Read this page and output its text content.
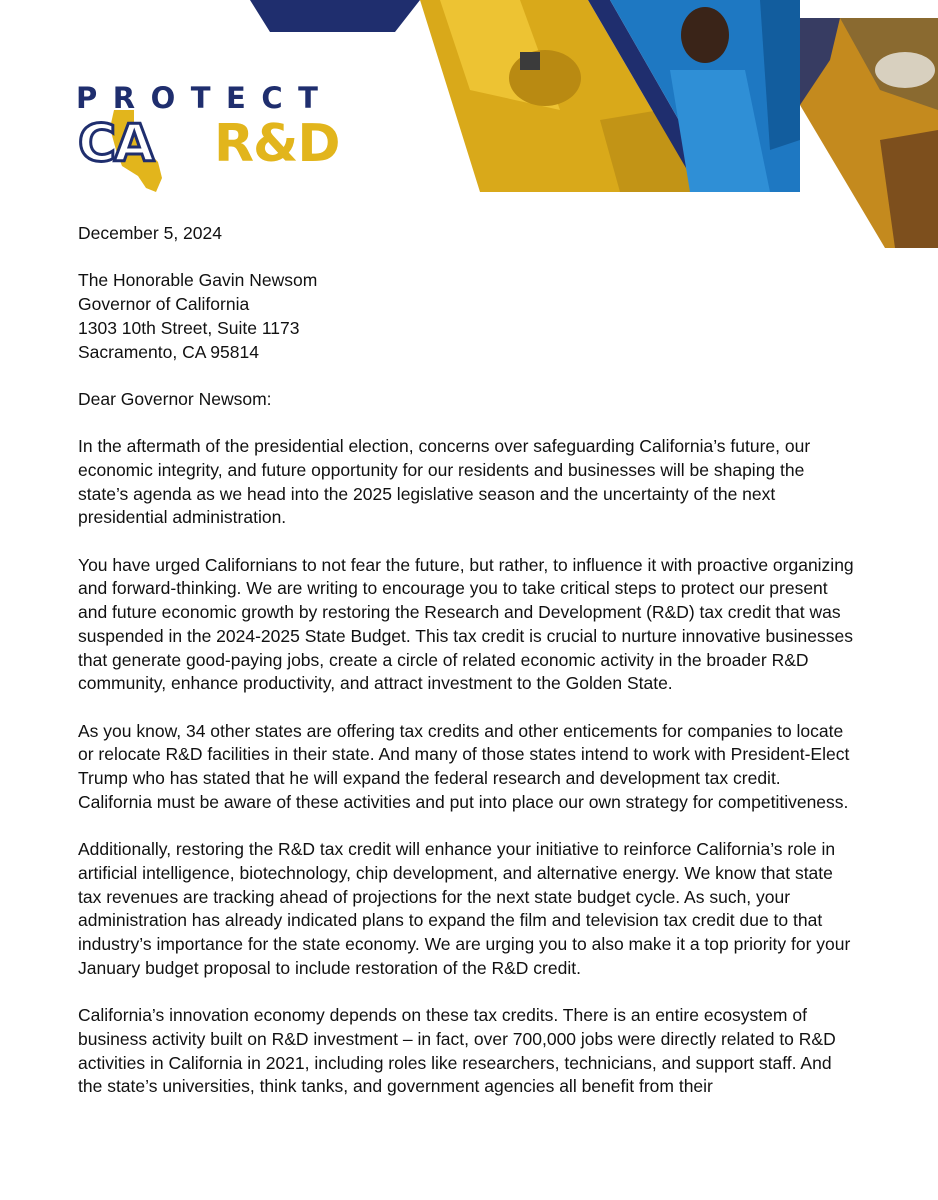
PROTECT

CA R&D

December 5, 2024

The Honorable Gavin Newsom
Governor of California
1303 10th Street, Suite 1173
Sacramento, CA 95814

Dear Governor Newsom:

In the aftermath of the presidential election, concerns over safeguarding California’s future, our economic integrity, and future opportunity for our residents and businesses will be shaping the state’s agenda as we head into the 2025 legislative season and the uncertainty of the next presidential administration.

You have urged Californians to not fear the future, but rather, to influence it with proactive organizing and forward-thinking. We are writing to encourage you to take critical steps to protect our present and future economic growth by restoring the Research and Development (R&D) tax credit that was suspended in the 2024-2025 State Budget. This tax credit is crucial to nurture innovative businesses that generate good-paying jobs, create a circle of related economic activity in the broader R&D community, enhance productivity, and attract investment to the Golden State.

As you know, 34 other states are offering tax credits and other enticements for companies to locate or relocate R&D facilities in their state. And many of those states intend to work with President-Elect Trump who has stated that he will expand the federal research and development tax credit. California must be aware of these activities and put into place our own strategy for competitiveness.

Additionally, restoring the R&D tax credit will enhance your initiative to reinforce California’s role in artificial intelligence, biotechnology, chip development, and alternative energy. We know that state tax revenues are tracking ahead of projections for the next state budget cycle. As such, your administration has already indicated plans to expand the film and television tax credit due to that industry’s importance for the state economy. We are urging you to also make it a top priority for your January budget proposal to include restoration of the R&D credit.

California’s innovation economy depends on these tax credits. There is an entire ecosystem of business activity built on R&D investment – in fact, over 700,000 jobs were directly related to R&D activities in California in 2021, including roles like researchers, technicians, and support staff. And the state’s universities, think tanks, and government agencies all benefit from their
